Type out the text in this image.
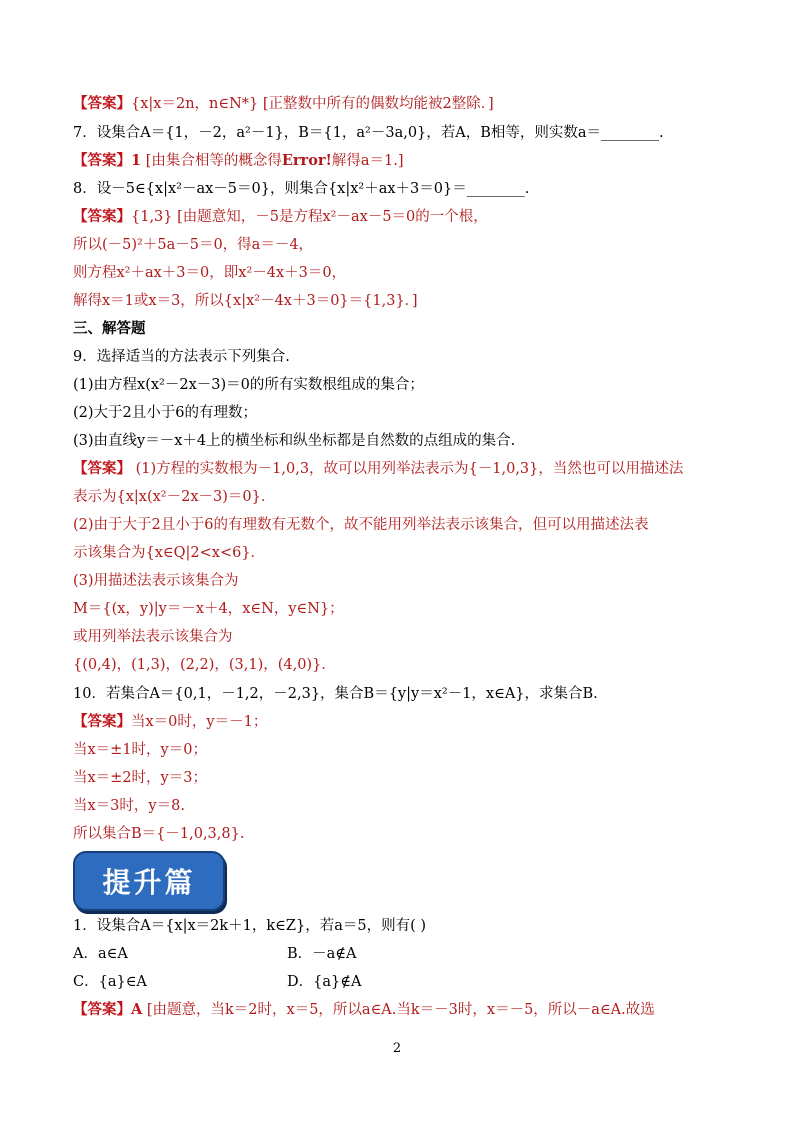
【答案】{x|x＝2n，n∈N*} [正整数中所有的偶数均能被2整除．]
7．设集合A＝{1，－2，a²－1}，B＝{1，a²－3a,0}，若A，B相等，则实数a＝________.
【答案】1 [由集合相等的概念得Error!解得a＝1.]
8．设－5∈{x|x²－ax－5＝0}，则集合{x|x²＋ax＋3＝0}＝________.
【答案】{1,3} [由题意知，－5是方程x²－ax－5＝0的一个根，
所以(－5)²＋5a－5＝0，得a＝－4，
则方程x²＋ax＋3＝0，即x²－4x＋3＝0，
解得x＝1或x＝3，所以{x|x²－4x＋3＝0}＝{1,3}．]
三、解答题
9．选择适当的方法表示下列集合.
(1)由方程x(x²－2x－3)＝0的所有实数根组成的集合；
(2)大于2且小于6的有理数；
(3)由直线y＝－x＋4上的横坐标和纵坐标都是自然数的点组成的集合.
【答案】 (1)方程的实数根为－1,0,3，故可以用列举法表示为{－1,0,3}，当然也可以用描述法
表示为{x|x(x²－2x－3)＝0}．
(2)由于大于2且小于6的有理数有无数个，故不能用列举法表示该集合，但可以用描述法表
示该集合为{x∈Q|2<x<6}．
(3)用描述法表示该集合为
M＝{(x，y)|y＝－x＋4，x∈N，y∈N}；
或用列举法表示该集合为
{(0,4)，(1,3)，(2,2)，(3,1)，(4,0)}．
10．若集合A＝{0,1，－1,2，－2,3}，集合B＝{y|y＝x²－1，x∈A}，求集合B.
【答案】当x＝0时，y＝－1；
当x＝±1时，y＝0；
当x＝±2时，y＝3；
当x＝3时，y＝8.
所以集合B＝{－1,0,3,8}.
提升篇
1．设集合A＝{x|x＝2k＋1，k∈Z}，若a＝5，则有( )
A．a∈A	B．－a∉A
C．{a}∈A	D．{a}∉A
【答案】A [由题意，当k＝2时，x＝5，所以a∈A.当k＝－3时，x＝－5，所以－a∈A.故选
2
